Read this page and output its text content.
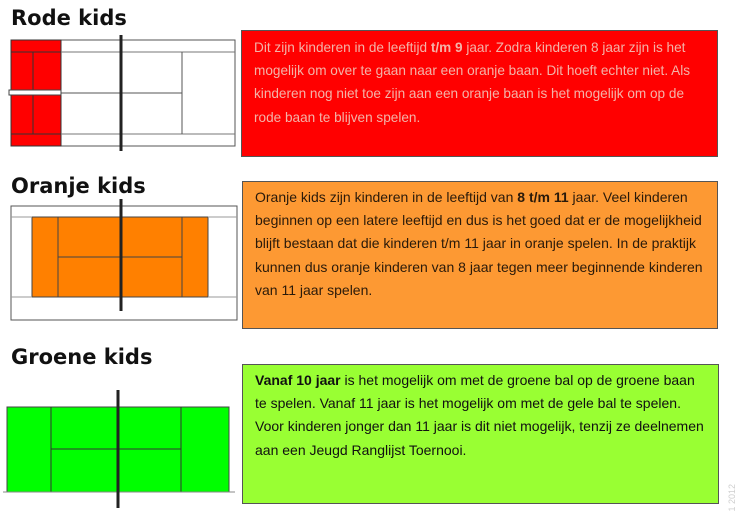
Rode kids

Dit zijn kinderen in de leeftijd t/m 9 jaar. Zodra kinderen 8 jaar zijn is het mogelijk om over te gaan naar een oranje baan. Dit hoeft echter niet. Als kinderen nog niet toe zijn aan een oranje baan is het mogelijk om op de rode baan te blijven spelen.

Oranje kids	Oranje kids zijn kinderen in de leeftijd van 8 t/m 11 jaar. Veel kinderen beginnen op een latere leeftijd en dus is het goed dat er de mogelijkheid blijft bestaan dat die kinderen t/m 11 jaar in oranje spelen. In de praktijk kunnen dus oranje kinderen van 8 jaar tegen meer beginnende kinderen van 11 jaar spelen.

Groene kids

Vanaf 10 jaar is het mogelijk om met de groene bal op de groene baan te spelen. Vanaf 11 jaar is het mogelijk om met de gele bal te spelen. Voor kinderen jonger dan 11 jaar is dit niet mogelijk, tenzij ze deelnemen aan een Jeugd Ranglijst Toernooi.

1 2012
